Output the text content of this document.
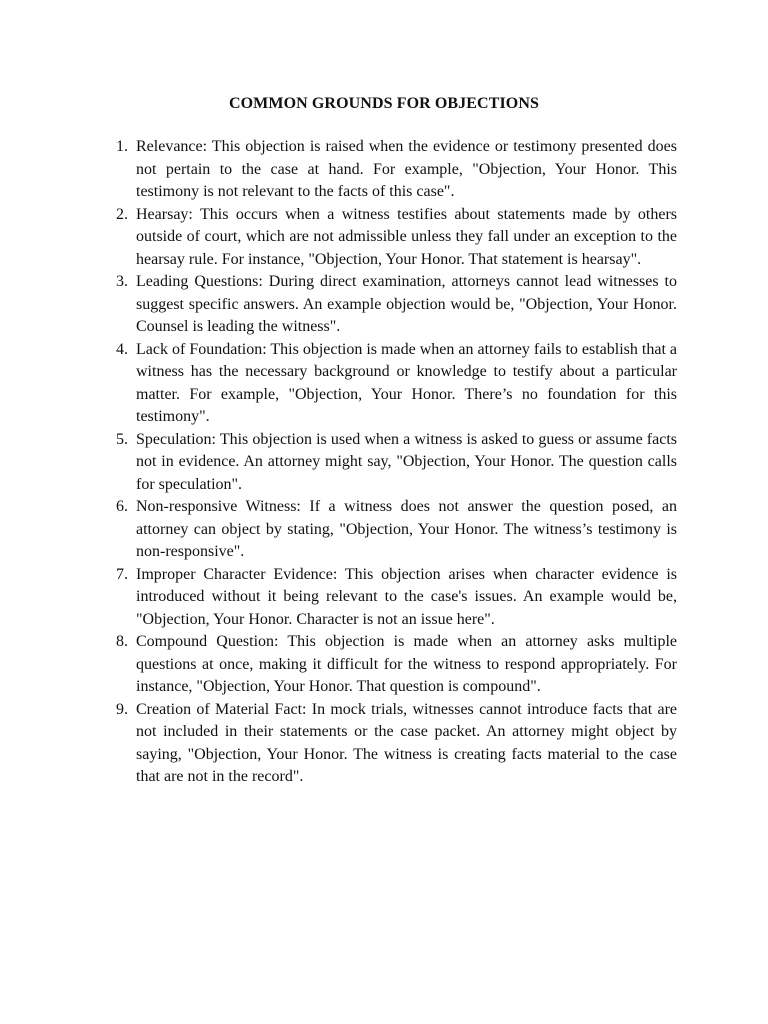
COMMON GROUNDS FOR OBJECTIONS
1. Relevance: This objection is raised when the evidence or testimony presented does not pertain to the case at hand. For example, "Objection, Your Honor. This testimony is not relevant to the facts of this case".
2. Hearsay: This occurs when a witness testifies about statements made by others outside of court, which are not admissible unless they fall under an exception to the hearsay rule. For instance, "Objection, Your Honor. That statement is hearsay".
3. Leading Questions: During direct examination, attorneys cannot lead witnesses to suggest specific answers. An example objection would be, "Objection, Your Honor. Counsel is leading the witness".
4. Lack of Foundation: This objection is made when an attorney fails to establish that a witness has the necessary background or knowledge to testify about a particular matter. For example, "Objection, Your Honor. There’s no foundation for this testimony".
5. Speculation: This objection is used when a witness is asked to guess or assume facts not in evidence. An attorney might say, "Objection, Your Honor. The question calls for speculation".
6. Non-responsive Witness: If a witness does not answer the question posed, an attorney can object by stating, "Objection, Your Honor. The witness’s testimony is non-responsive".
7. Improper Character Evidence: This objection arises when character evidence is introduced without it being relevant to the case's issues. An example would be, "Objection, Your Honor. Character is not an issue here".
8. Compound Question: This objection is made when an attorney asks multiple questions at once, making it difficult for the witness to respond appropriately. For instance, "Objection, Your Honor. That question is compound".
9. Creation of Material Fact: In mock trials, witnesses cannot introduce facts that are not included in their statements or the case packet. An attorney might object by saying, "Objection, Your Honor. The witness is creating facts material to the case that are not in the record".
